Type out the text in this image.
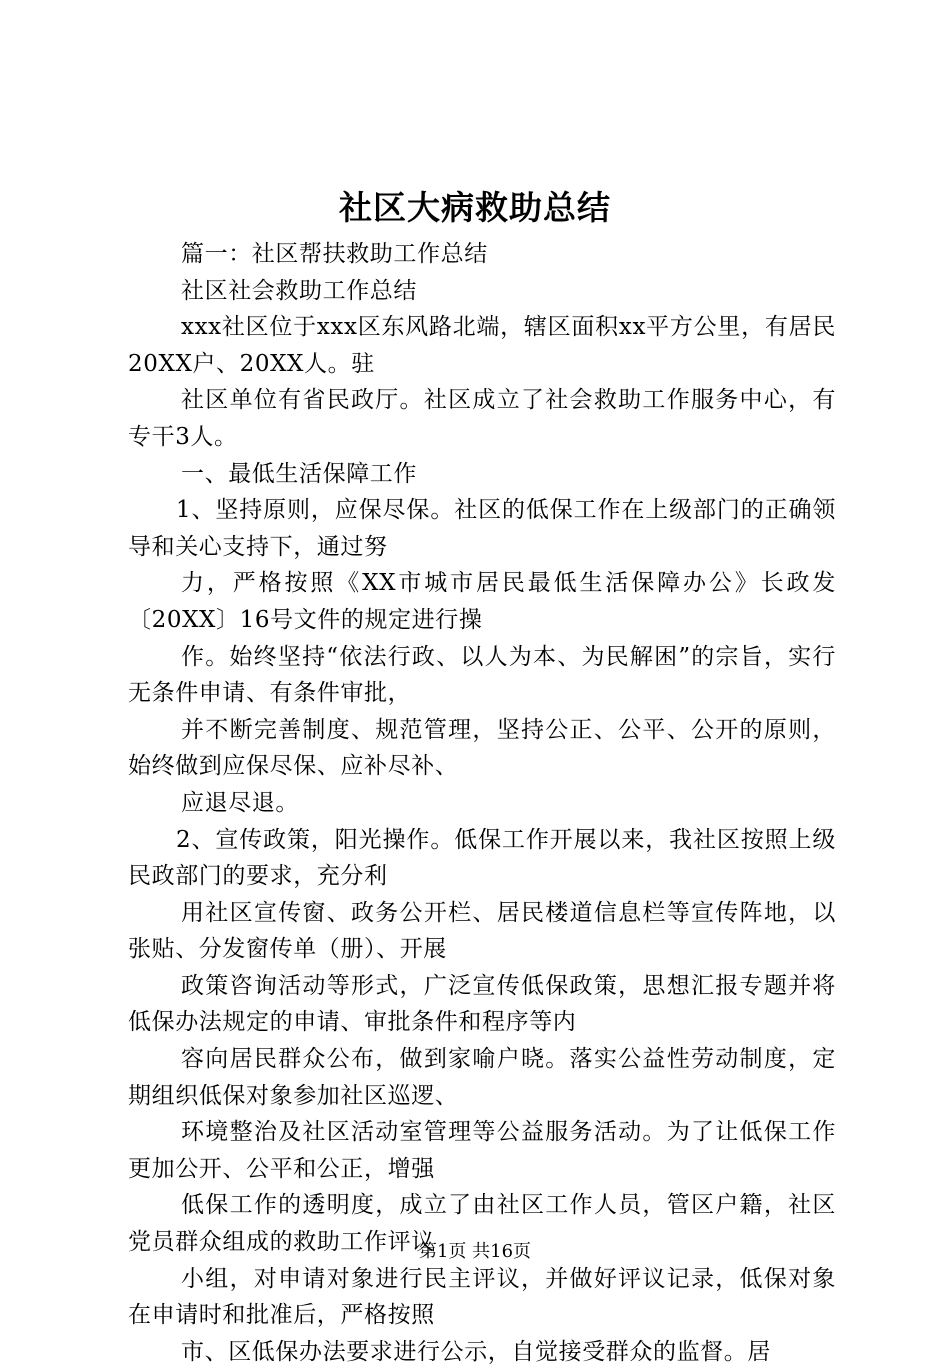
社区大病救助总结

篇一：社区帮扶救助工作总结

社区社会救助工作总结

xxx社区位于xxx区东风路北端，辖区面积xx平方公里，有居民20XX户、20XX人。驻

社区单位有省民政厅。社区成立了社会救助工作服务中心，有专干3人。

一、最低生活保障工作

1、坚持原则，应保尽保。社区的低保工作在上级部门的正确领导和关心支持下，通过努

力，严格按照《XX市城市居民最低生活保障办公》长政发〔20XX〕16号文件的规定进行操

作。始终坚持“依法行政、以人为本、为民解困”的宗旨，实行无条件申请、有条件审批，

并不断完善制度、规范管理，坚持公正、公平、公开的原则，始终做到应保尽保、应补尽补、

应退尽退。

2、宣传政策，阳光操作。低保工作开展以来，我社区按照上级民政部门的要求，充分利

用社区宣传窗、政务公开栏、居民楼道信息栏等宣传阵地，以张贴、分发窗传单（册）、开展

政策咨询活动等形式，广泛宣传低保政策，思想汇报专题并将低保办法规定的申请、审批条件和程序等内

容向居民群众公布，做到家喻户晓。落实公益性劳动制度，定期组织低保对象参加社区巡逻、

环境整治及社区活动室管理等公益服务活动。为了让低保工作更加公开、公平和公正，增强

低保工作的透明度，成立了由社区工作人员，管区户籍，社区党员群众组成的救助工作评议

小组，对申请对象进行民主评议，并做好评议记录，低保对象在申请时和批准后，严格按照

市、区低保办法要求进行公示，自觉接受群众的监督。居

第1页 共16页
